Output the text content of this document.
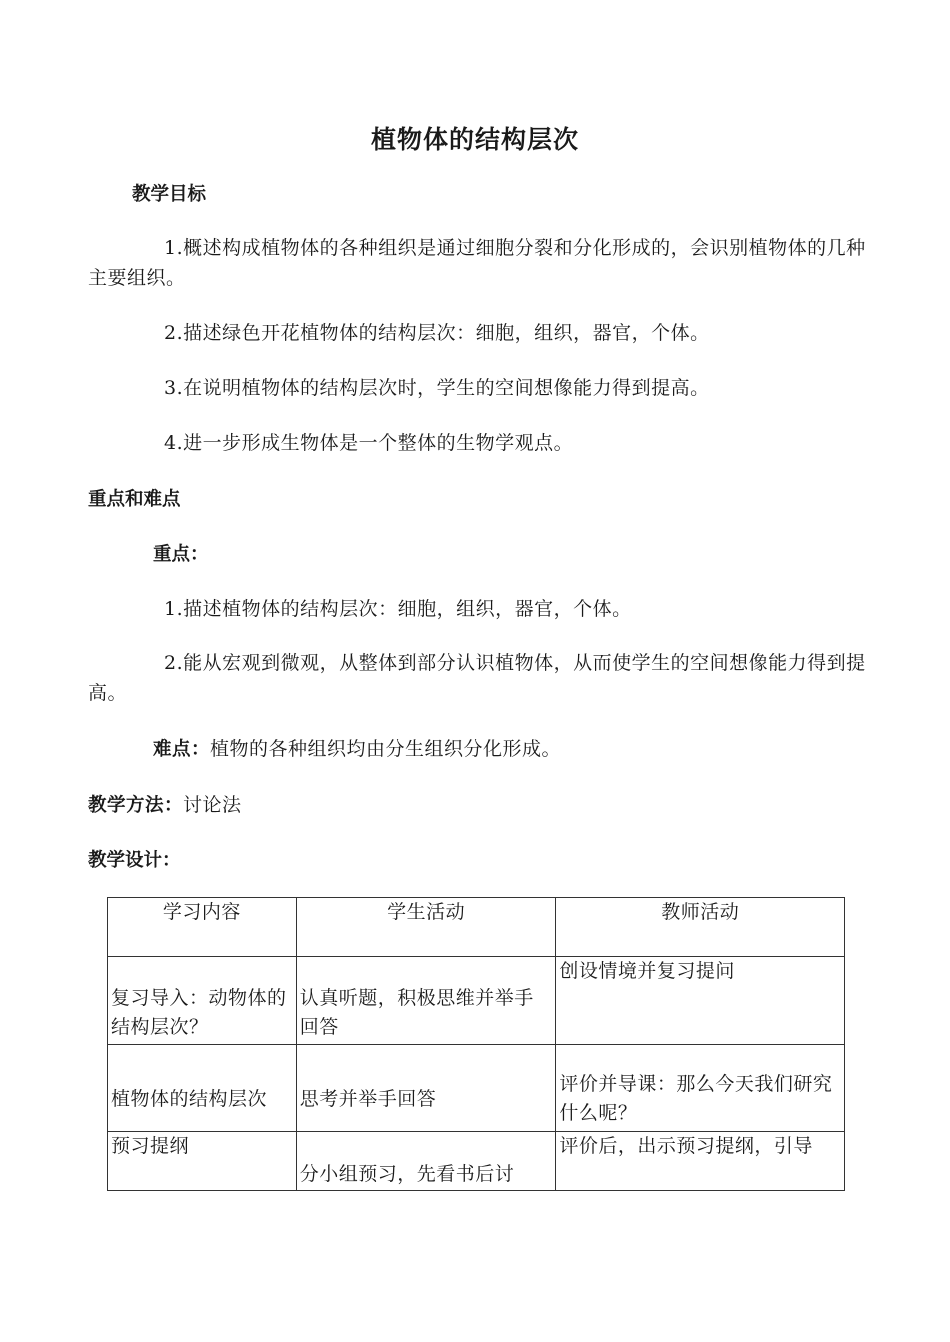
植物体的结构层次
教学目标
1.概述构成植物体的各种组织是通过细胞分裂和分化形成的，会识别植物体的几种主要组织。
2.描述绿色开花植物体的结构层次：细胞，组织，器官，个体。
3.在说明植物体的结构层次时，学生的空间想像能力得到提高。
4.进一步形成生物体是一个整体的生物学观点。
重点和难点
重点：
1.描述植物体的结构层次：细胞，组织，器官，个体。
2.能从宏观到微观，从整体到部分认识植物体，从而使学生的空间想像能力得到提高。
难点：植物的各种组织均由分生组织分化形成。
教学方法：讨论法
教学设计：
学习内容	学生活动	教师活动

复习导入：动物体的结构层次？	认真听题，积极思维并举手回答	创设情境并复习提问

植物体的结构层次	思考并举手回答	评价并导课：那么今天我们研究什么呢？

预习提纲	分小组预习，先看书后讨	评价后，出示预习提纲，引导
